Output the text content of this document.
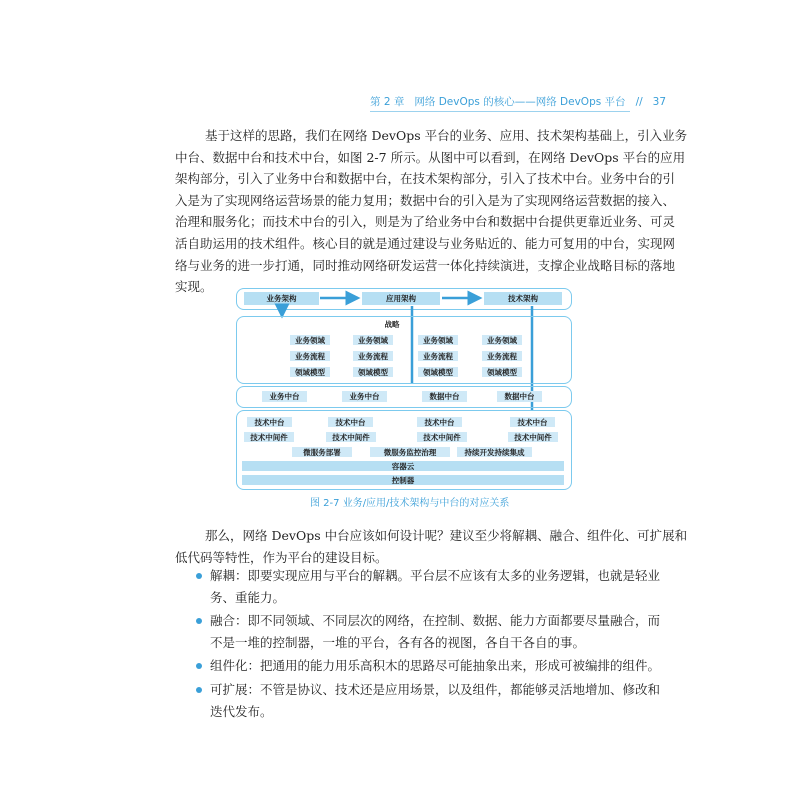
第 2 章 网络 DevOps 的核心——网络 DevOps 平台 // 37
基于这样的思路，我们在网络 DevOps 平台的业务、应用、技术架构基础上，引入业务
中台、数据中台和技术中台，如图 2-7 所示。从图中可以看到，在网络 DevOps 平台的应用
架构部分，引入了业务中台和数据中台，在技术架构部分，引入了技术中台。业务中台的引
入是为了实现网络运营场景的能力复用；数据中台的引入是为了实现网络运营数据的接入、
治理和服务化；而技术中台的引入，则是为了给业务中台和数据中台提供更靠近业务、可灵
活自助运用的技术组件。核心目的就是通过建设与业务贴近的、能力可复用的中台，实现网
络与业务的进一步打通，同时推动网络研发运营一体化持续演进，支撑企业战略目标的落地
实现。
业务架构	应用架构	技术架构
战略
业务领域
业务流程
领域模型
业务领域
业务流程
领域模型
业务领域
业务流程
领域模型
业务领域
业务流程
领域模型
业务中台	业务中台	数据中台	数据中台
技术中台	技术中台	技术中台	技术中台
技术中间件	技术中间件	技术中间件	技术中间件
微服务部署	微服务监控治理	持续开发持续集成
容器云
控制器
图 2-7 业务/应用/技术架构与中台的对应关系
那么，网络 DevOps 中台应该如何设计呢？建议至少将解耦、融合、组件化、可扩展和
低代码等特性，作为平台的建设目标。
解耦：即要实现应用与平台的解耦。平台层不应该有太多的业务逻辑，也就是轻业
务、重能力。
融合：即不同领域、不同层次的网络，在控制、数据、能力方面都要尽量融合，而
不是一堆的控制器，一堆的平台，各有各的视图，各自干各自的事。
组件化：把通用的能力用乐高积木的思路尽可能抽象出来，形成可被编排的组件。
可扩展：不管是协议、技术还是应用场景，以及组件，都能够灵活地增加、修改和
迭代发布。
